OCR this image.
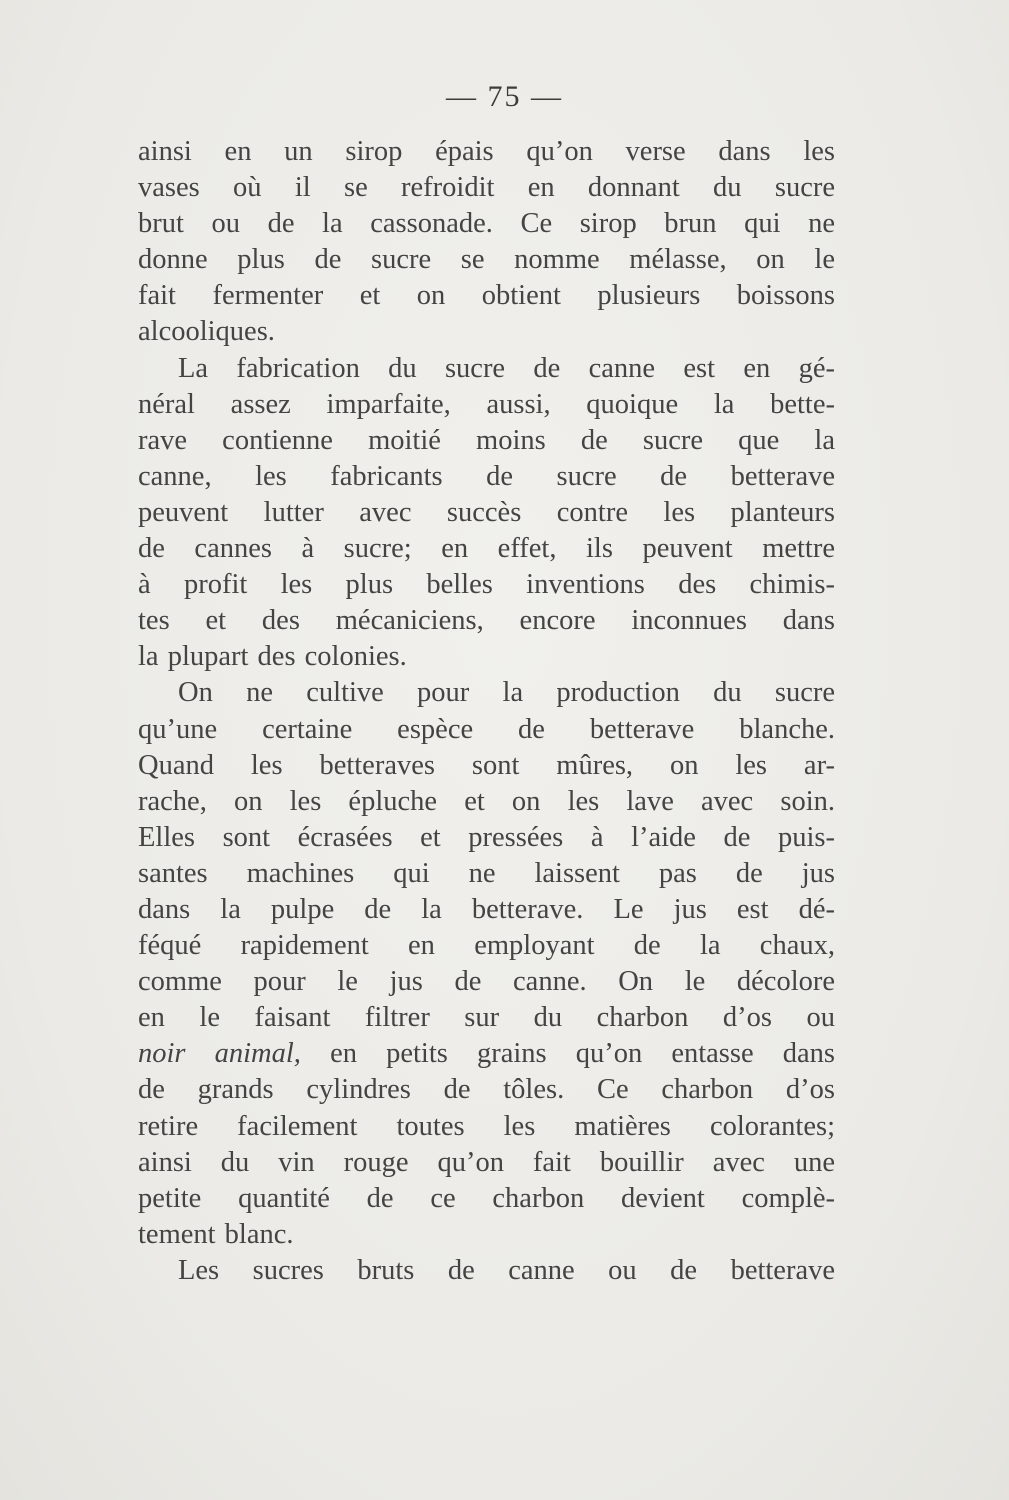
— 75 —
ainsi en un sirop épais qu’on verse dans les
vases où il se refroidit en donnant du sucre
brut ou de la cassonade. Ce sirop brun qui ne
donne plus de sucre se nomme mélasse, on le
fait fermenter et on obtient plusieurs boissons
alcooliques.
La fabrication du sucre de canne est en gé-
néral assez imparfaite, aussi, quoique la bette-
rave contienne moitié moins de sucre que la
canne, les fabricants de sucre de betterave
peuvent lutter avec succès contre les planteurs
de cannes à sucre; en effet, ils peuvent mettre
à profit les plus belles inventions des chimis-
tes et des mécaniciens, encore inconnues dans
la plupart des colonies.
On ne cultive pour la production du sucre
qu’une certaine espèce de betterave blanche.
Quand les betteraves sont mûres, on les ar-
rache, on les épluche et on les lave avec soin.
Elles sont écrasées et pressées à l’aide de puis-
santes machines qui ne laissent pas de jus
dans la pulpe de la betterave. Le jus est dé-
féqué rapidement en employant de la chaux,
comme pour le jus de canne. On le décolore
en le faisant filtrer sur du charbon d’os ou
noir animal, en petits grains qu’on entasse dans
de grands cylindres de tôles. Ce charbon d’os
retire facilement toutes les matières colorantes;
ainsi du vin rouge qu’on fait bouillir avec une
petite quantité de ce charbon devient complè-
tement blanc.
Les sucres bruts de canne ou de betterave
